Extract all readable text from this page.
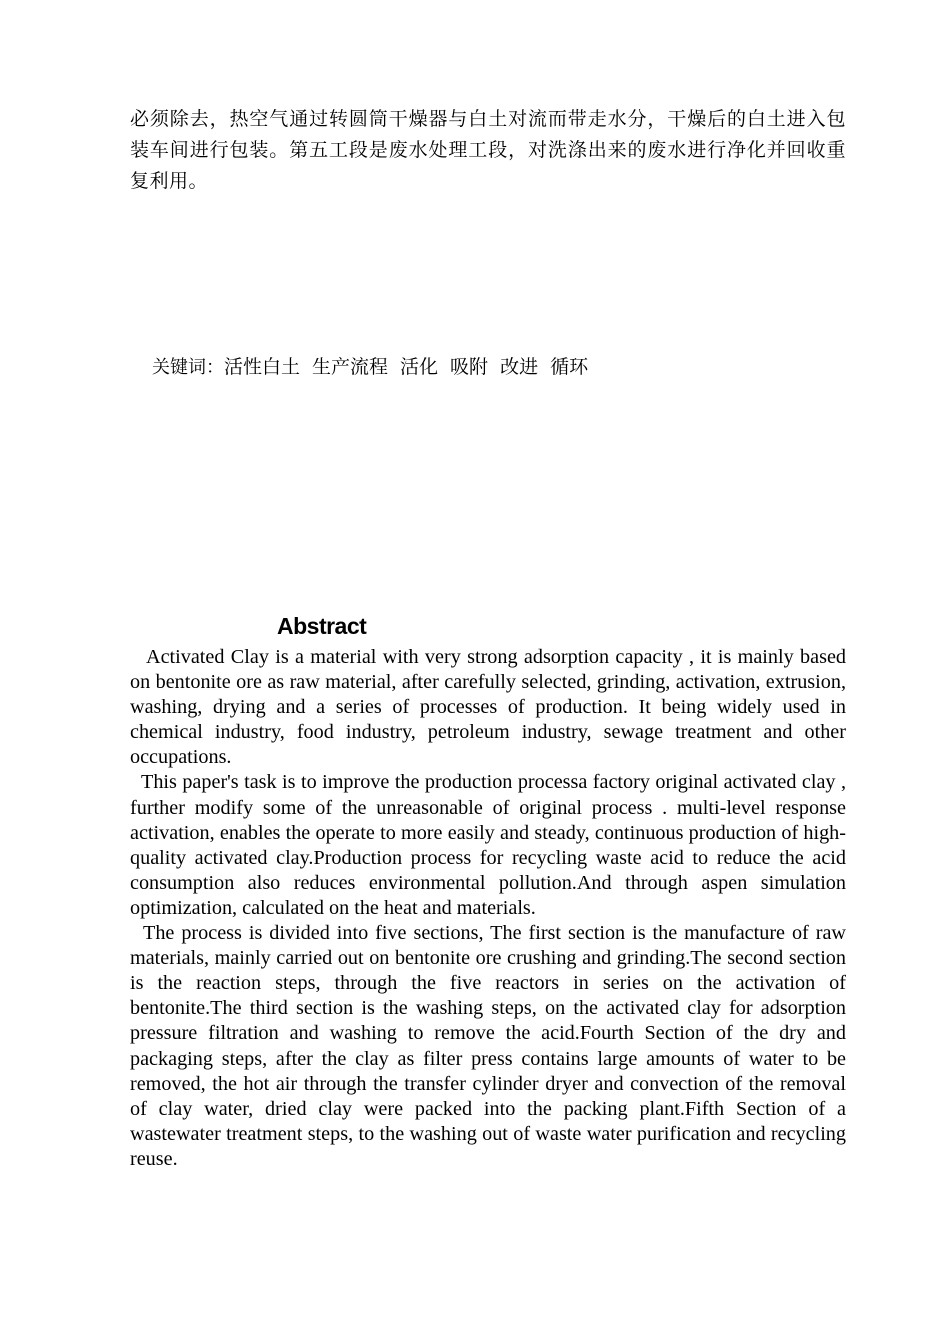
必须除去，热空气通过转圆筒干燥器与白土对流而带走水分，干燥后的白土进入包装车间进行包装。第五工段是废水处理工段，对洗涤出来的废水进行净化并回收重复利用。

关键词：活性白土 生产流程 活化 吸附 改进 循环

Abstract

Activated Clay is a material with very strong adsorption capacity , it is mainly based on bentonite ore as raw material, after carefully selected, grinding, activation, extrusion, washing, drying and a series of processes of production. It being widely used in chemical industry, food industry, petroleum industry, sewage treatment and other occupations.

This paper's task is to improve the production processa factory original activated clay , further modify some of the unreasonable of original process . multi-level response activation, enables the operate to more easily and steady, continuous production of high-quality activated clay.Production process for recycling waste acid to reduce the acid consumption also reduces environmental pollution.And through aspen simulation optimization, calculated on the heat and materials.

The process is divided into five sections, The first section is the manufacture of raw materials, mainly carried out on bentonite ore crushing and grinding.The second section is the reaction steps, through the five reactors in series on the activation of bentonite.The third section is the washing steps, on the activated clay for adsorption pressure filtration and washing to remove the acid.Fourth Section of the dry and packaging steps, after the clay as filter press contains large amounts of water to be removed, the hot air through the transfer cylinder dryer and convection of the removal of clay water, dried clay were packed into the packing plant.Fifth Section of a wastewater treatment steps, to the washing out of waste water purification and recycling reuse.
